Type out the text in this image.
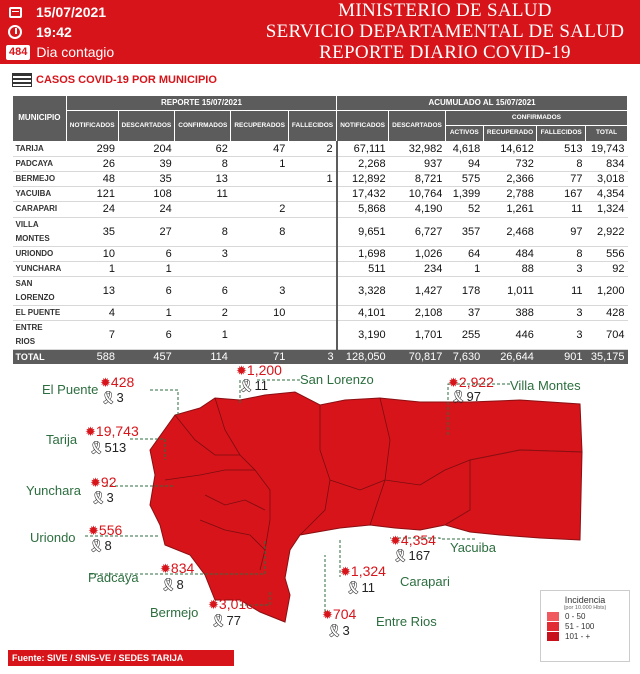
15/07/2021
19:42
484 Dia contagio
MINISTERIO DE SALUD
SERVICIO DEPARTAMENTAL DE SALUD
REPORTE DIARIO COVID-19
CASOS COVID-19 POR MUNICIPIO
MUNICIPIO	REPORTE 15/07/2021					ACUMULADO AL 15/07/2021					
	NOTIFICADOS	DESCARTADOS	CONFIRMADOS	RECUPERADOS	FALLECIDOS	NOTIFICADOS	DESCARTADOS	CONFIRMADOS			
								ACTIVOS	RECUPERADO	FALLECIDOS	TOTAL
TARIJA	299	204	62	47	2	67,111	32,982	4,618	14,612	513	19,743
PADCAYA	26	39	8	1		2,268	937	94	732	8	834
BERMEJO	48	35	13		1	12,892	8,721	575	2,366	77	3,018
YACUIBA	121	108	11			17,432	10,764	1,399	2,788	167	4,354
CARAPARI	24	24		2		5,868	4,190	52	1,261	11	1,324
VILLA MONTES	35	27	8	8		9,651	6,727	357	2,468	97	2,922
URIONDO	10	6	3			1,698	1,026	64	484	8	556
YUNCHARA	1	1				511	234	1	88	3	92
SAN LORENZO	13	6	6	3		3,328	1,427	178	1,011	11	1,200
EL PUENTE	4	1	2	10		4,101	2,108	37	388	3	428
ENTRE RIOS	7	6	1			3,190	1,701	255	446	3	704
TOTAL	588	457	114	71	3	128,050	70,817	7,630	26,644	901	35,175
El Puente ✹428
🎗3
✹1,200
🎗11 San Lorenzo	✹2,922
🎗97
Villa Montes
Tarija
✹19,743
🎗513
Yunchara
✹92
🎗3
Uriondo ✹556
🎗8	✹4,354
🎗167
Yacuiba
Padcaya
✹834
🎗8
✹1,324
🎗11 Carapari
Bermejo
✹3,018
🎗77	✹704
🎗3
Entre Rios
Incidencia
(por 10.000 Hbts)
0 - 50
51 - 100
101 - +
Fuente: SIVE / SNIS-VE / SEDES TARIJA
